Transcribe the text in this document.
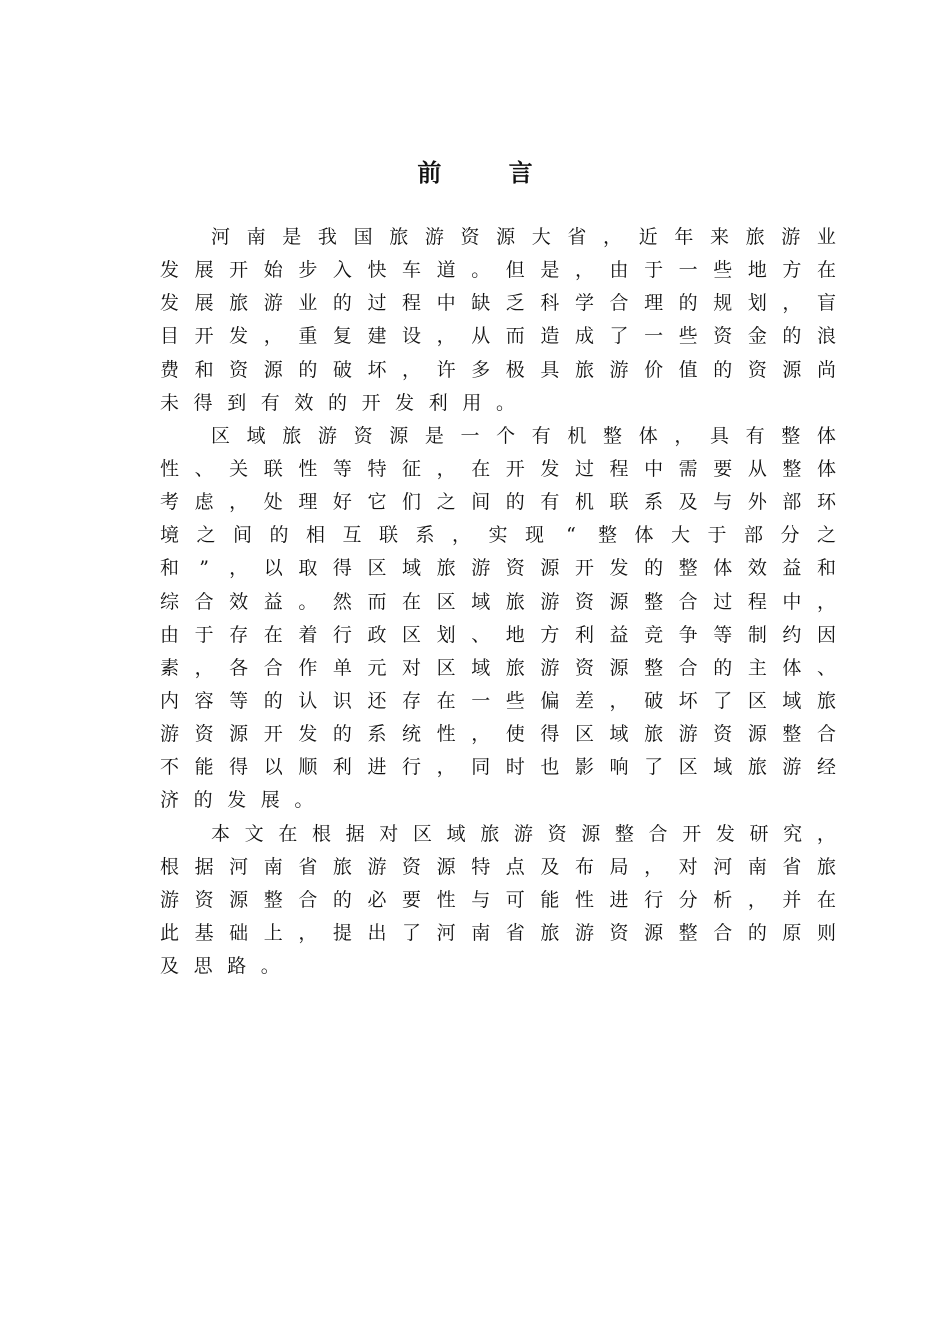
前　言
河 南 是 我 国 旅 游 资 源 大 省 ， 近 年 来 旅 游 业
发 展 开 始 步 入 快 车 道 。 但 是 ， 由 于 一 些 地 方 在
发 展 旅 游 业 的 过 程 中 缺 乏 科 学 合 理 的 规 划 ， 盲
目 开 发 ， 重 复 建 设 ， 从 而 造 成 了 一 些 资 金 的 浪
费 和 资 源 的 破 坏 ， 许 多 极 具 旅 游 价 值 的 资 源 尚
未 得 到 有 效 的 开 发 利 用 。
区 域 旅 游 资 源 是 一 个 有 机 整 体 ， 具 有 整 体
性 、 关 联 性 等 特 征 ， 在 开 发 过 程 中 需 要 从 整 体
考 虑 ， 处 理 好 它 们 之 间 的 有 机 联 系 及 与 外 部 环
境 之 间 的 相 互 联 系 ， 实 现 “ 整 体 大 于 部 分 之
和 ” ， 以 取 得 区 域 旅 游 资 源 开 发 的 整 体 效 益 和
综 合 效 益 。 然 而 在 区 域 旅 游 资 源 整 合 过 程 中 ，
由 于 存 在 着 行 政 区 划 、 地 方 利 益 竞 争 等 制 约 因
素 ， 各 合 作 单 元 对 区 域 旅 游 资 源 整 合 的 主 体 、
内 容 等 的 认 识 还 存 在 一 些 偏 差 ， 破 坏 了 区 域 旅
游 资 源 开 发 的 系 统 性 ， 使 得 区 域 旅 游 资 源 整 合
不 能 得 以 顺 利 进 行 ， 同 时 也 影 响 了 区 域 旅 游 经
济 的 发 展 。
本 文 在 根 据 对 区 域 旅 游 资 源 整 合 开 发 研 究 ，
根 据 河 南 省 旅 游 资 源 特 点 及 布 局 ， 对 河 南 省 旅
游 资 源 整 合 的 必 要 性 与 可 能 性 进 行 分 析 ， 并 在
此 基 础 上 ， 提 出 了 河 南 省 旅 游 资 源 整 合 的 原 则
及 思 路 。
